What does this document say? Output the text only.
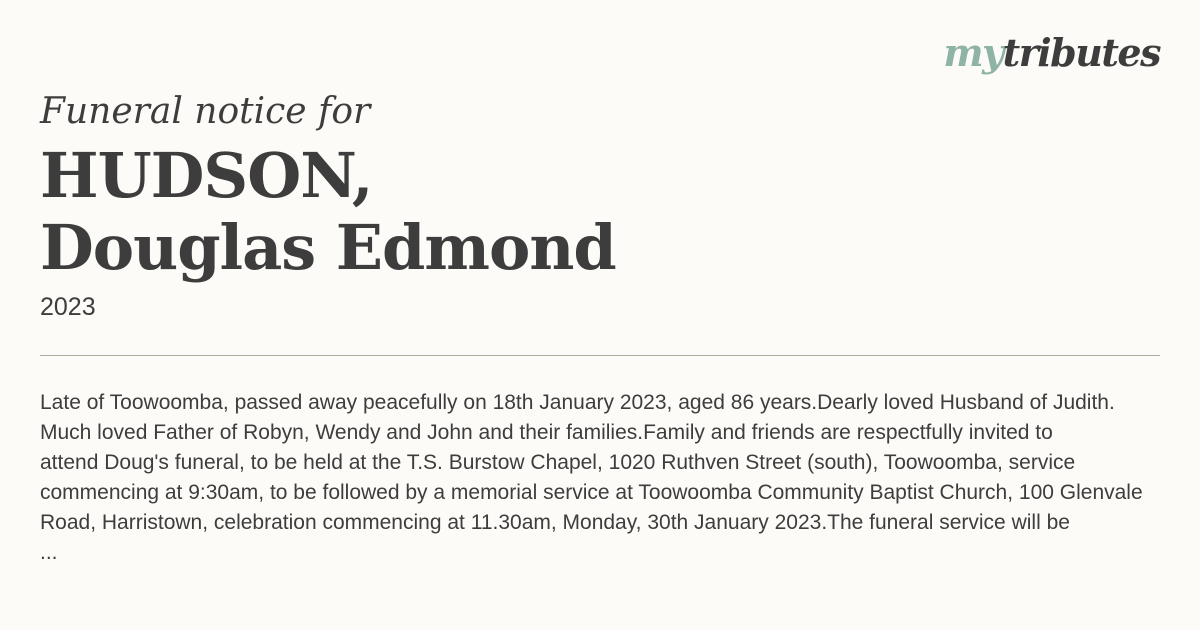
mytributes
Funeral notice for
HUDSON,
Douglas Edmond
2023
Late of Toowoomba, passed away peacefully on 18th January 2023, aged 86 years.Dearly loved Husband of Judith.
Much loved Father of Robyn, Wendy and John and their families.Family and friends are respectfully invited to
attend Doug's funeral, to be held at the T.S. Burstow Chapel, 1020 Ruthven Street (south), Toowoomba, service
commencing at 9:30am, to be followed by a memorial service at Toowoomba Community Baptist Church, 100 Glenvale
Road, Harristown, celebration commencing at 11.30am, Monday, 30th January 2023.The funeral service will be
...
